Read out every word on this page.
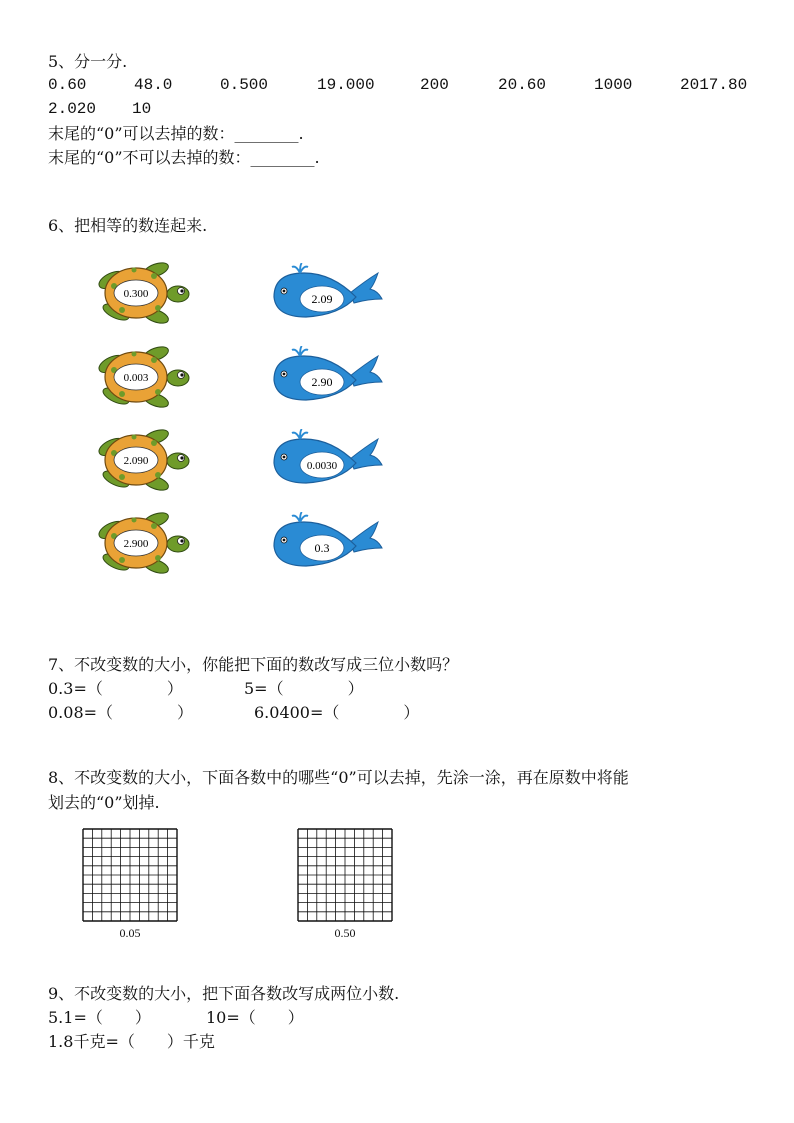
5、分一分.
0.60	48.0	0.500	19.000	200	20.60	1000	2017.80
2.020 10
末尾的“0”可以去掉的数：________.
末尾的“0”不可以去掉的数：________.
6、把相等的数连起来.
0.300
0.003
2.090
2.900
2.09
2.90
0.0030
0.3
7、不改变数的大小，你能把下面的数改写成三位小数吗？
0.3=（　　　　）	5=（　　　　）
0.08=（　　　　）	6.0400=（　　　　）
8、不改变数的大小，下面各数中的哪些“0”可以去掉，先涂一涂，再在原数中将能
划去的“0”划掉.
0.05	0.50
9、不改变数的大小，把下面各数改写成两位小数.
5.1=（　　）	10=（　　）
1.8千克=（　　）千克
